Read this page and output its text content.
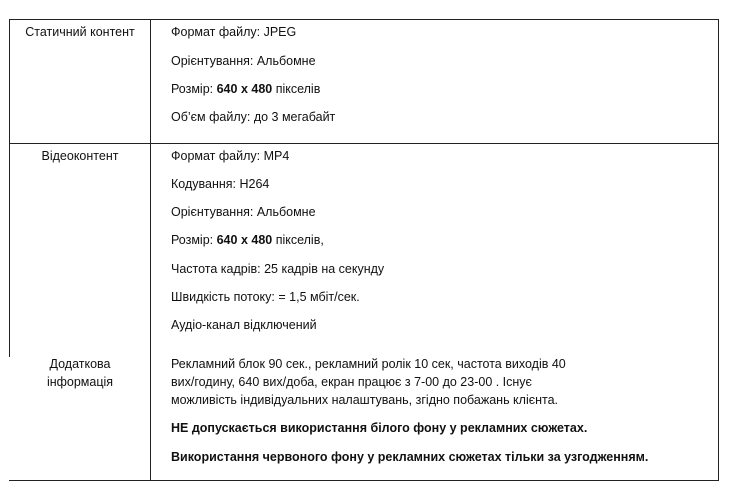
Статичний контент	Формат файлу: JPEG
Орієнтування: Альбомне
Розмір: 640 x 480 пікселів
Об’єм файлу: до 3 мегабайт
Відеоконтент	Формат файлу: MP4
Кодування: H264
Орієнтування: Альбомне
Розмір: 640 x 480 пікселів,
Частота кадрів: 25 кадрів на секунду
Швидкість потоку: = 1,5 мбіт/сек.
Аудіо-канал відключений
Додаткова
інформація
Рекламний блок 90 сек., рекламний ролік 10 сек, частота виходів 40 вих/годину, 640 вих/доба, екран працює з 7-00 до 23-00 . Існує можливість індивідуальних налаштувань, згідно побажань клієнта.
НЕ допускається використання білого фону у рекламних сюжетах.
Використання червоного фону у рекламних сюжетах тільки за узгодженням.
